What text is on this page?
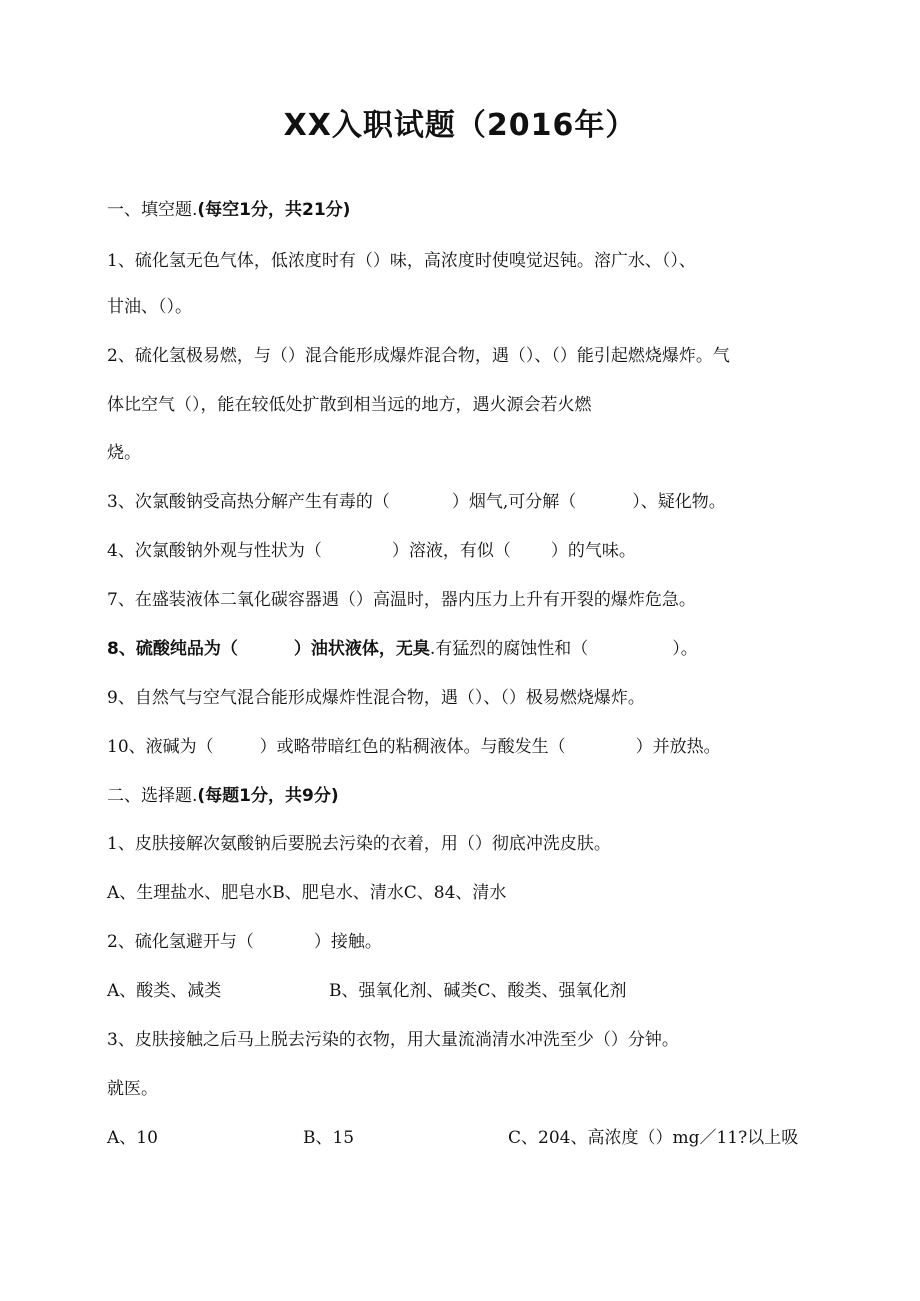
XX入职试题（2016年）
一、填空题.(每空1分，共21分)
1、硫化氢无色气体，低浓度时有（）味，高浓度时使嗅觉迟钝。溶广水、（）、
甘油、（）。
2、硫化氢极易燃，与（）混合能形成爆炸混合物，遇（）、（）能引起燃烧爆炸。气
体比空气（），能在较低处扩散到相当远的地方，遇火源会若火燃
烧。
3、次氯酸钠受高热分解产生有毒的（	）烟气,可分解（	）、疑化物。
4、次氯酸钠外观与性状为（	）溶液，有似（ ）的气味。
7、在盛装液体二氧化碳容器遇（）高温时，器内压力上升有开裂的爆炸危急。
8、硫酸纯品为（	）油状液体，无臭.有猛烈的腐蚀性和（	）。
9、自然气与空气混合能形成爆炸性混合物，遇（）、（）极易燃烧爆炸。
10、液碱为（	）或略带暗红色的粘稠液体。与酸发生（	）并放热。
二、选择题.(每题1分，共9分)
1、皮肤接解次氨酸钠后要脱去污染的衣着，用（）彻底冲洗皮肤。
A、生理盐水、肥皂水B、肥皂水、清水C、84、清水
2、硫化氢避开与（	）接触。
A、酸类、减类	B、强氧化剂、碱类C、酸类、强氧化剂
3、皮肤接触之后马上脱去污染的衣物，用大量流淌清水冲洗至少（）分钟。
就医。
A、10	B、15	C、204、高浓度（）mg／11?以上吸
